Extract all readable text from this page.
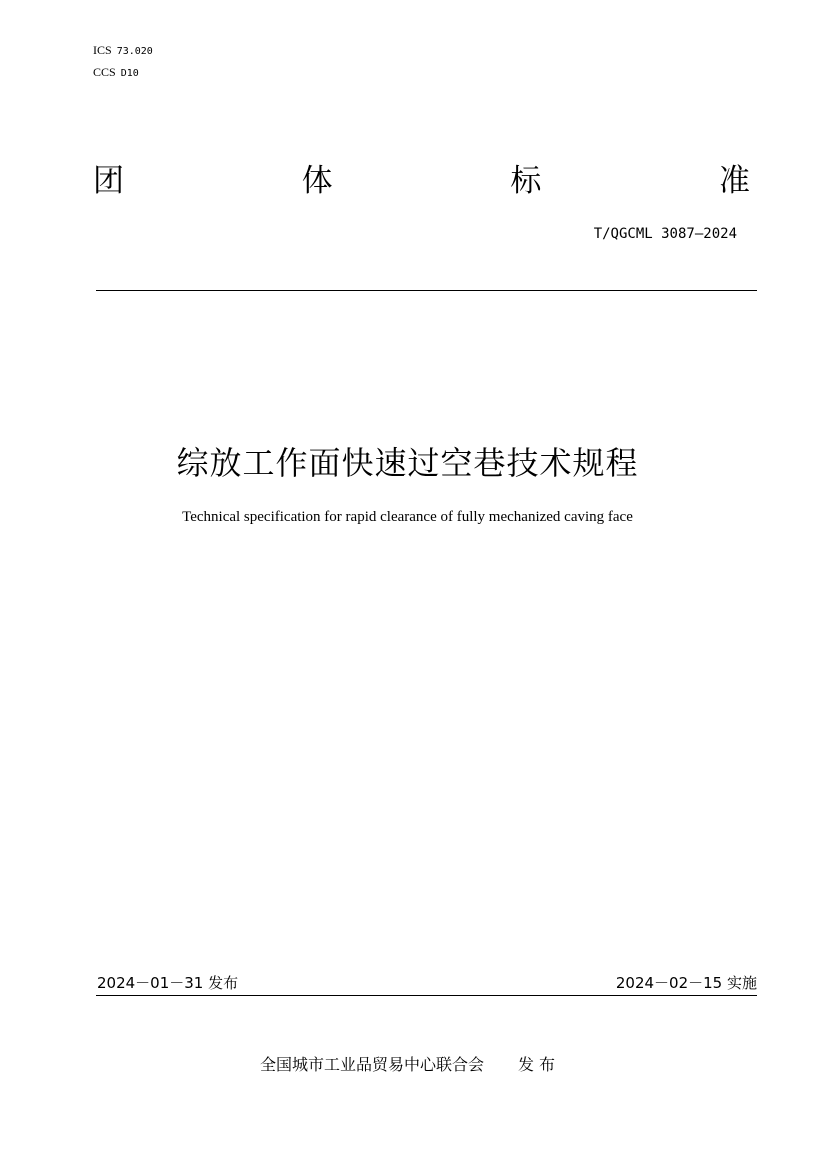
ICS 73.020
CCS D10
团	体	标	准
T/QGCML 3087—2024
综放工作面快速过空巷技术规程
Technical specification for rapid clearance of fully mechanized caving face
2024－01－31 发布	2024－02－15 实施
全国城市工业品贸易中心联合会 发 布
